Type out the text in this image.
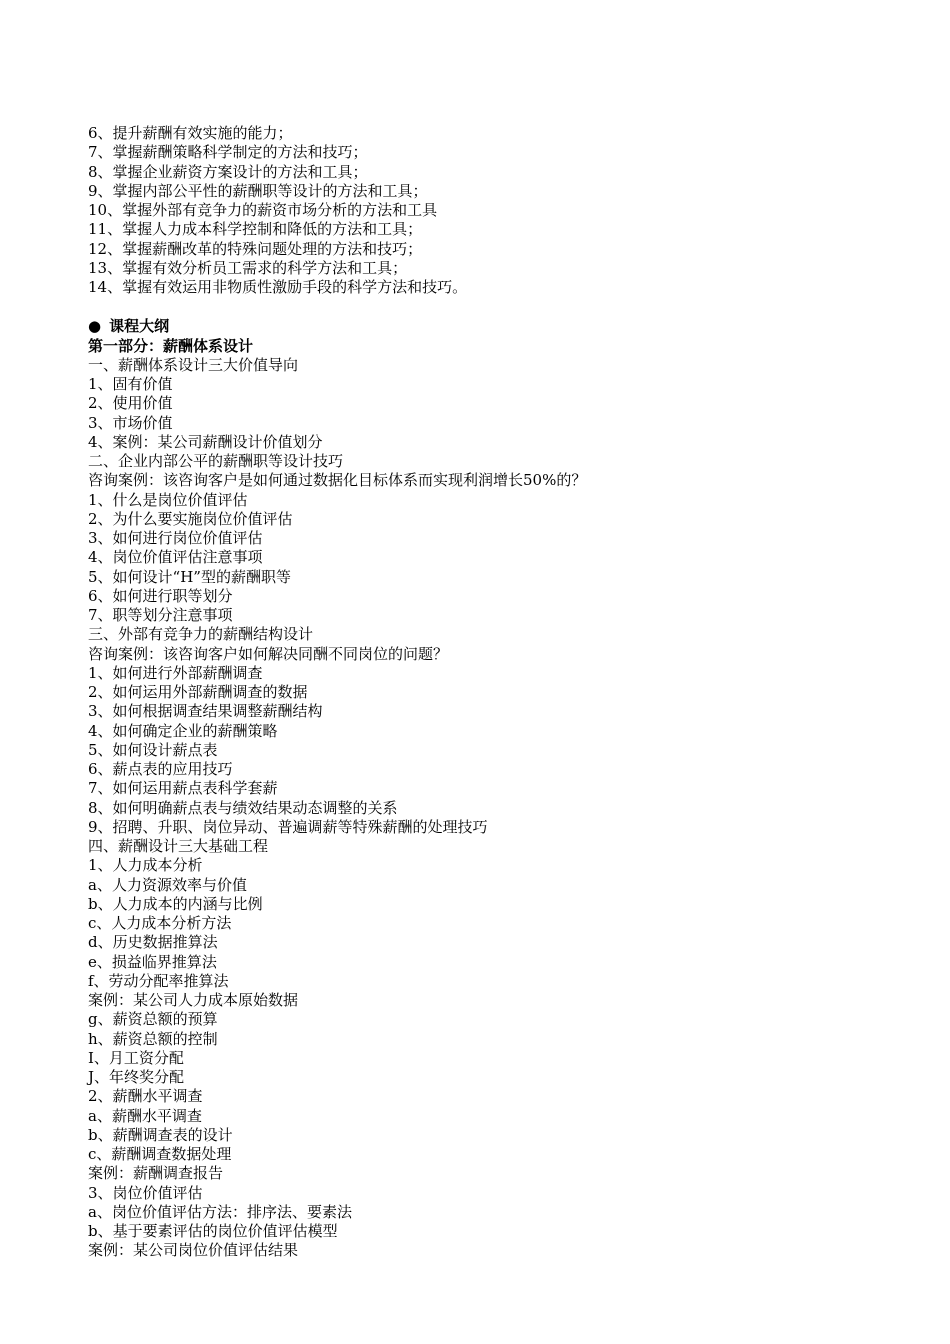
6、提升薪酬有效实施的能力；
7、掌握薪酬策略科学制定的方法和技巧；
8、掌握企业薪资方案设计的方法和工具；
9、掌握内部公平性的薪酬职等设计的方法和工具；
10、掌握外部有竞争力的薪资市场分析的方法和工具
11、掌握人力成本科学控制和降低的方法和工具；
12、掌握薪酬改革的特殊问题处理的方法和技巧；
13、掌握有效分析员工需求的科学方法和工具；
14、掌握有效运用非物质性激励手段的科学方法和技巧。
● 课程大纲
第一部分：薪酬体系设计
一、薪酬体系设计三大价值导向
1、固有价值
2、使用价值
3、市场价值
4、案例：某公司薪酬设计价值划分
二、企业内部公平的薪酬职等设计技巧
咨询案例：该咨询客户是如何通过数据化目标体系而实现利润增长50%的？
1、什么是岗位价值评估
2、为什么要实施岗位价值评估
3、如何进行岗位价值评估
4、岗位价值评估注意事项
5、如何设计“H”型的薪酬职等
6、如何进行职等划分
7、职等划分注意事项
三、外部有竞争力的薪酬结构设计
咨询案例：该咨询客户如何解决同酬不同岗位的问题？
1、如何进行外部薪酬调查
2、如何运用外部薪酬调查的数据
3、如何根据调查结果调整薪酬结构
4、如何确定企业的薪酬策略
5、如何设计薪点表
6、薪点表的应用技巧
7、如何运用薪点表科学套薪
8、如何明确薪点表与绩效结果动态调整的关系
9、招聘、升职、岗位异动、普遍调薪等特殊薪酬的处理技巧
四、薪酬设计三大基础工程
1、人力成本分析
a、人力资源效率与价值
b、人力成本的内涵与比例
c、人力成本分析方法
d、历史数据推算法
e、损益临界推算法
f、劳动分配率推算法
案例：某公司人力成本原始数据
g、薪资总额的预算
h、薪资总额的控制
I、月工资分配
J、年终奖分配
2、薪酬水平调查
a、薪酬水平调查
b、薪酬调查表的设计
c、薪酬调查数据处理
案例：薪酬调查报告
3、岗位价值评估
a、岗位价值评估方法：排序法、要素法
b、基于要素评估的岗位价值评估模型
案例：某公司岗位价值评估结果
